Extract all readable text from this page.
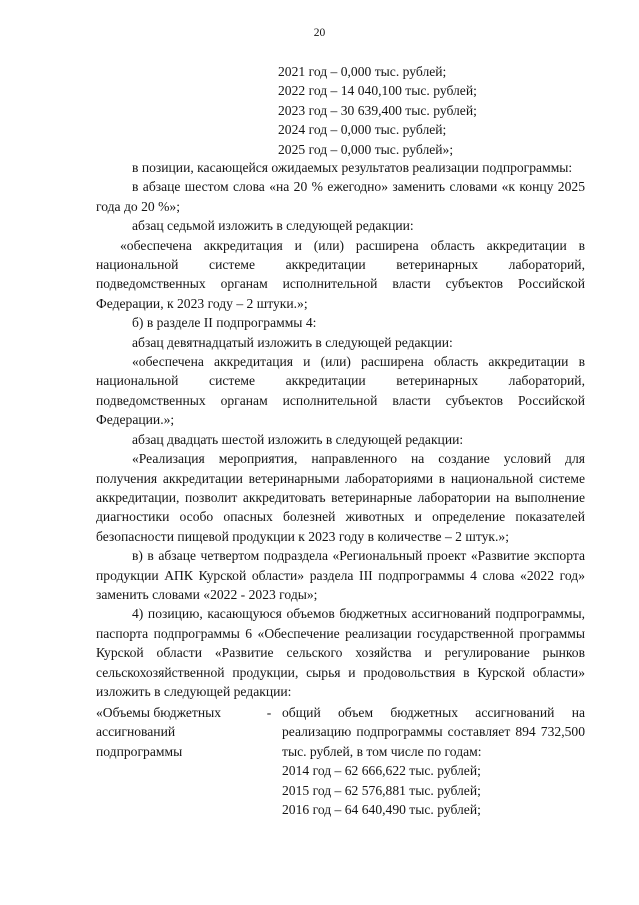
20
2021 год – 0,000 тыс. рублей;
2022 год – 14 040,100 тыс. рублей;
2023 год – 30 639,400 тыс. рублей;
2024 год – 0,000 тыс. рублей;
2025 год – 0,000 тыс. рублей»;

в позиции, касающейся ожидаемых результатов реализации подпрограммы:

в абзаце шестом слова «на 20 % ежегодно» заменить словами «к концу 2025 года до 20 %»;

абзац седьмой изложить в следующей редакции:

«обеспечена аккредитация и (или) расширена область аккредитации в национальной системе аккредитации ветеринарных лабораторий, подведомственных органам исполнительной власти субъектов Российской Федерации, к 2023 году – 2 штуки.»;

б) в разделе II подпрограммы 4:

абзац девятнадцатый изложить в следующей редакции:

«обеспечена аккредитация и (или) расширена область аккредитации в национальной системе аккредитации ветеринарных лабораторий, подведомственных органам исполнительной власти субъектов Российской Федерации.»;

абзац двадцать шестой изложить в следующей редакции:

«Реализация мероприятия, направленного на создание условий для получения аккредитации ветеринарными лабораториями в национальной системе аккредитации, позволит аккредитовать ветеринарные лаборатории на выполнение диагностики особо опасных болезней животных и определение показателей безопасности пищевой продукции к 2023 году в количестве – 2 штук.»;

в) в абзаце четвертом подраздела «Региональный проект «Развитие экспорта продукции АПК Курской области» раздела III подпрограммы 4 слова «2022 год» заменить словами «2022 - 2023 годы»;

4) позицию, касающуюся объемов бюджетных ассигнований подпрограммы, паспорта подпрограммы 6 «Обеспечение реализации государственной программы Курской области «Развитие сельского хозяйства и регулирование рынков сельскохозяйственной продукции, сырья и продовольствия в Курской области» изложить в следующей редакции:

«Объемы бюджетных ассигнований подпрограммы
- общий объем бюджетных ассигнований на реализацию подпрограммы составляет 894 732,500 тыс. рублей, в том числе по годам:

2014 год – 62 666,622 тыс. рублей;

2015 год – 62 576,881 тыс. рублей;

2016 год – 64 640,490 тыс. рублей;
